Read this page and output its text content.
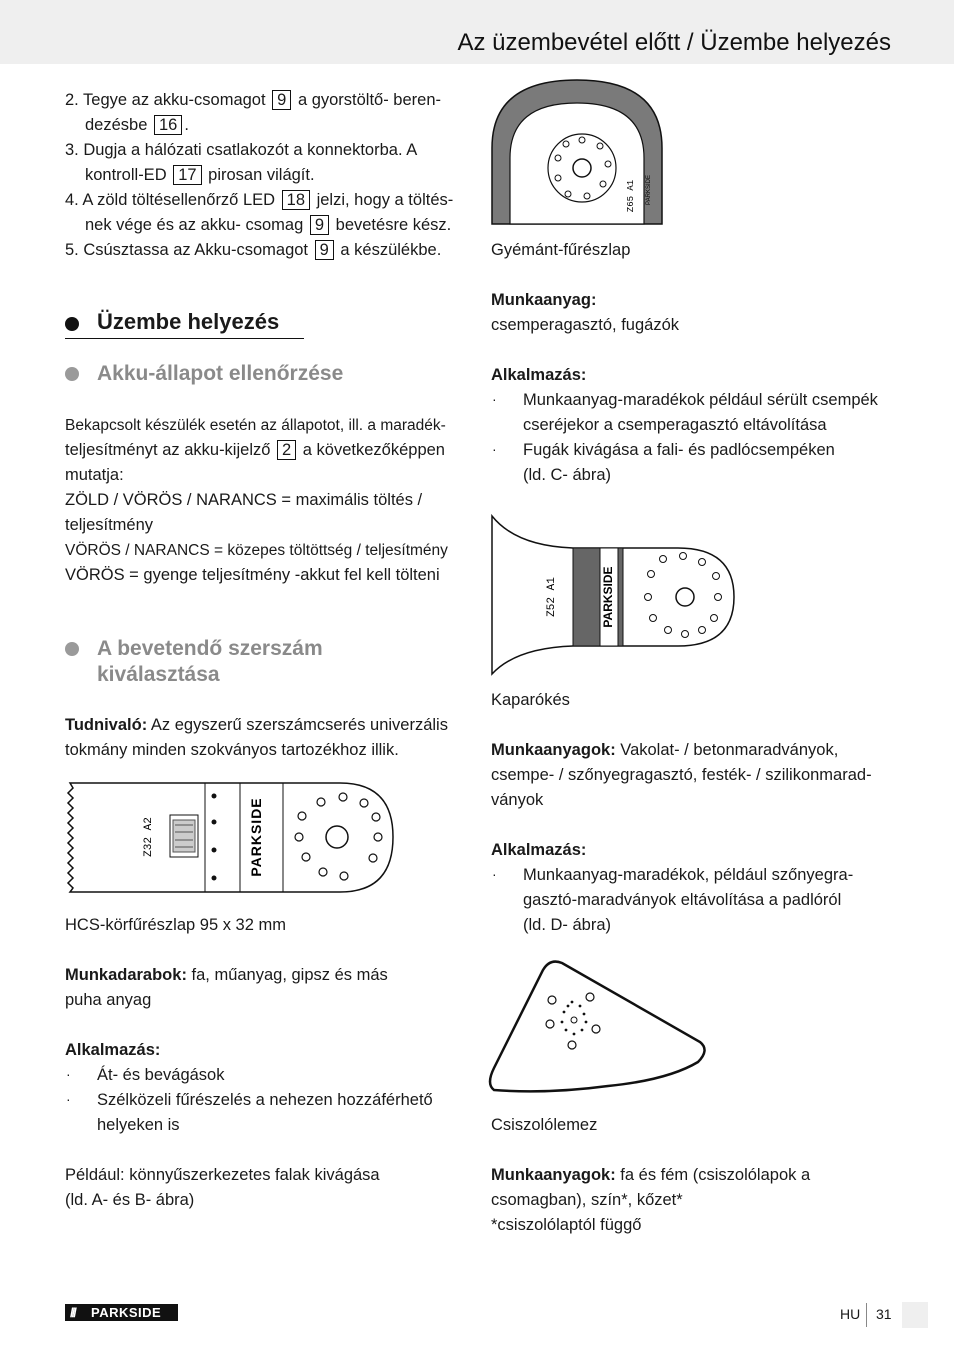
Az üzembevétel előtt / Üzembe helyezés
2. Tegye az akku-csomagot 9 a gyorstöltő- beren-
dezésbe 16 .
3. Dugja a hálózati csatlakozót a konnektorba. A
kontroll-ED 17 pirosan világít.
4. A zöld töltésellenőrző LED 18 jelzi, hogy a töltés-
nek vége és az akku- csomag 9 bevetésre kész.
5. Csúsztassa az Akku-csomagot 9 a készülékbe.
Üzembe helyezés
Akku-állapot ellenőrzése
Bekapcsolt készülék esetén az állapotot, ill. a maradék-
teljesítményt az akku-kijelző 2 a következőképpen
mutatja:
ZÖLD / VÖRÖS / NARANCS = maximális töltés /
teljesítmény
VÖRÖS / NARANCS = közepes töltöttség / teljesítmény
VÖRÖS = gyenge teljesítmény -akkut fel kell tölteni
A bevetendő szerszám
kiválasztása
Tudnivaló: Az egyszerű szerszámcserés univerzális
tokmány minden szokványos tartozékhoz illik.
Z32 A2	PARKSIDE
HCS-körfűrészlap 95 x 32 mm
Munkadarabok: fa, műanyag, gipsz és más
puha anyag
Alkalmazás:
· Át- és bevágások
· Szélközeli fűrészelés a nehezen hozzáférhető
helyeken is
Például: könnyűszerkezetes falak kivágása
(ld. A- és B- ábra)
Z65 A1 PARKSIDE
Gyémánt-fűrészlap
Munkaanyag:
csemperagasztó, fugázók
Alkalmazás:
· Munkaanyag-maradékok például sérült csempék
cseréjekor a csemperagasztó eltávolítása
· Fugák kivágása a fali- és padlócsempéken
(ld. C- ábra)
Z52 A1	PARKSIDE
Kaparókés
Munkaanyagok: Vakolat- / betonmaradványok,
csempe- / szőnyegragasztó, festék- / szilikonmarad-
ványok
Alkalmazás:
· Munkaanyag-maradékok, például szőnyegra-
gasztó-maradványok eltávolítása a padlóról
(ld. D- ábra)
Csiszolólemez
Munkaanyagok: fa és fém (csiszolólapok a
csomagban), szín*, kőzet*
*csiszolólaptól függő
/// PARKSIDE	HU 31
